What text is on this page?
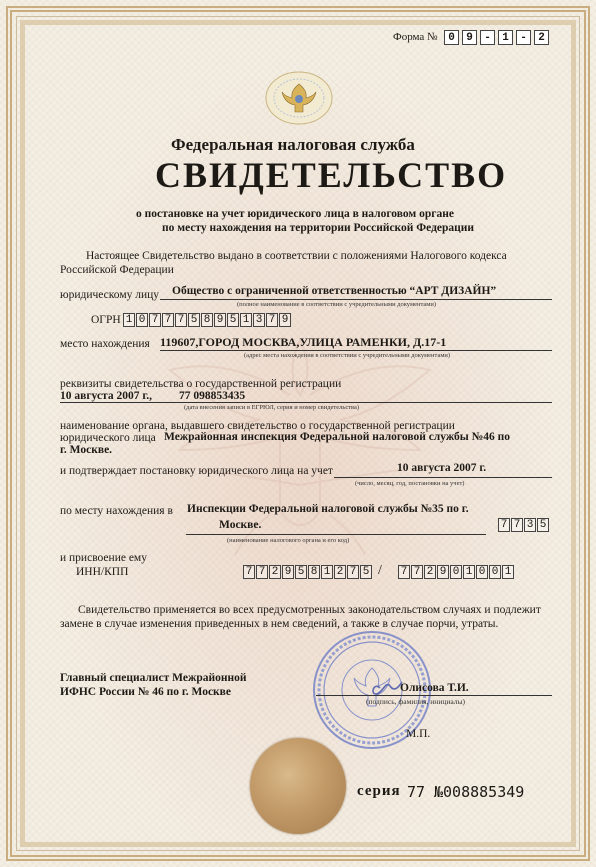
Форма № 0	9	-	1	-	2
Федеральная налоговая служба
СВИДЕТЕЛЬСТВО
о постановке на учет юридического лица в налоговом органе
по месту нахождения на территории Российской Федерации
Настоящее Свидетельство выдано в соответствии с положениями Налогового кодекса
Российской Федерации
юридическому лицу Общество с ограниченной ответственностью “АРТ ДИЗАЙН”
(полное наименование в соответствии с учредительными документами)
ОГРН 1 0 7 7 7 5 8 9 5 1 3 7 9
место нахождения 119607,ГОРОД МОСКВА,УЛИЦА РАМЕНКИ, Д.17-1
(адрес места нахождения в соответствии с учредительными документами)
реквизиты свидетельства о государственной регистрации
10 августа 2007 г., 77 098853435
(дата внесения записи в ЕГРЮЛ, серия и номер свидетельства)
наименование органа, выдавшего свидетельство о государственной регистрации
юридического лица Межрайонная инспекция Федеральной налоговой службы №46 по
г. Москве.
и подтверждает постановку юридического лица на учет	10 августа 2007 г.
(число, месяц, год, постановки на учет)
по месту нахождения в Инспекции Федеральной налоговой службы №35 по г.
Москве.	7 7 3 5
(наименование налогового органа и его код)
и присвоение ему
ИНН/КПП	7 7 2 9 5 8 1 2 7 5 / 7 7 2 9 0 1 0 0 1
Свидетельство применяется во всех предусмотренных законодательством случаях и подлежит
замене в случае изменения приведенных в нем сведений, а также в случае порчи, утраты.
Главный специалист Межрайонной
ИФНС России № 46 по г. Москве	Олисова Т.И.
(подпись, фамилия, инициалы)
М.П.
серия 77 №008885349
